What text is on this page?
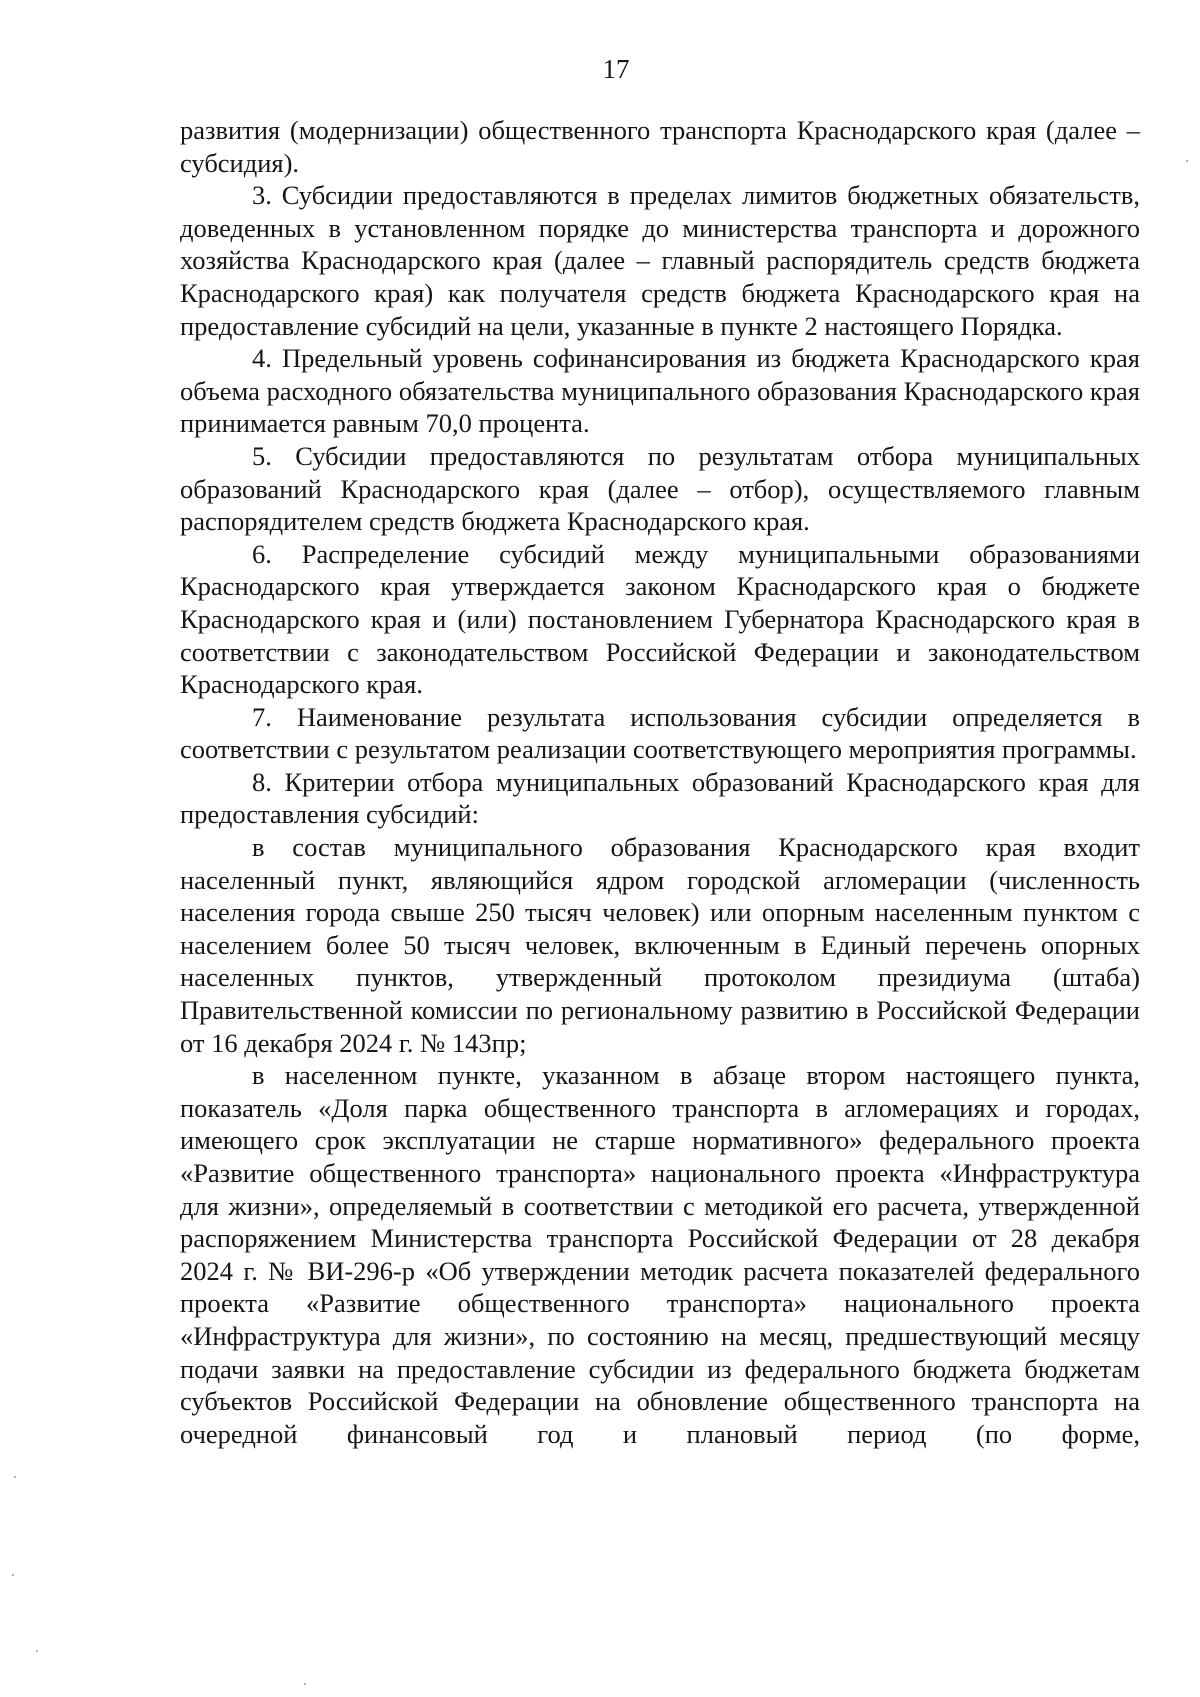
17

развития (модернизации) общественного транспорта Краснодарского края (далее – субсидия).

3. Субсидии предоставляются в пределах лимитов бюджетных обязательств, доведенных в установленном порядке до министерства транспорта и дорожного хозяйства Краснодарского края (далее – главный распорядитель средств бюджета Краснодарского края) как получателя средств бюджета Краснодарского края на предоставление субсидий на цели, указанные в пункте 2 настоящего Порядка.

4. Предельный уровень софинансирования из бюджета Краснодарского края объема расходного обязательства муниципального образования Краснодарского края принимается равным 70,0 процента.

5. Субсидии предоставляются по результатам отбора муниципальных образований Краснодарского края (далее – отбор), осуществляемого главным распорядителем средств бюджета Краснодарского края.

6. Распределение субсидий между муниципальными образованиями Краснодарского края утверждается законом Краснодарского края о бюджете Краснодарского края и (или) постановлением Губернатора Краснодарского края в соответствии с законодательством Российской Федерации и законодательством Краснодарского края.

7. Наименование результата использования субсидии определяется в соответствии с результатом реализации соответствующего мероприятия программы.

8. Критерии отбора муниципальных образований Краснодарского края для предоставления субсидий:

в состав муниципального образования Краснодарского края входит населенный пункт, являющийся ядром городской агломерации (численность населения города свыше 250 тысяч человек) или опорным населенным пунктом с населением более 50 тысяч человек, включенным в Единый перечень опорных населенных пунктов, утвержденный протоколом президиума (штаба) Правительственной комиссии по региональному развитию в Российской Федерации от 16 декабря 2024 г. № 143пр;

в населенном пункте, указанном в абзаце втором настоящего пункта, показатель «Доля парка общественного транспорта в агломерациях и городах, имеющего срок эксплуатации не старше нормативного» федерального проекта «Развитие общественного транспорта» национального проекта «Инфраструктура для жизни», определяемый в соответствии с методикой его расчета, утвержденной распоряжением Министерства транспорта Российской Федерации от 28 декабря 2024 г. № ВИ-296-р «Об утверждении методик расчета показателей федерального проекта «Развитие общественного транспорта» национального проекта «Инфраструктура для жизни», по состоянию на месяц, предшествующий месяцу подачи заявки на предоставление субсидии из федерального бюджета бюджетам субъектов Российской Федерации на обновление общественного транспорта на очередной финансовый год и плановый период (по форме,
